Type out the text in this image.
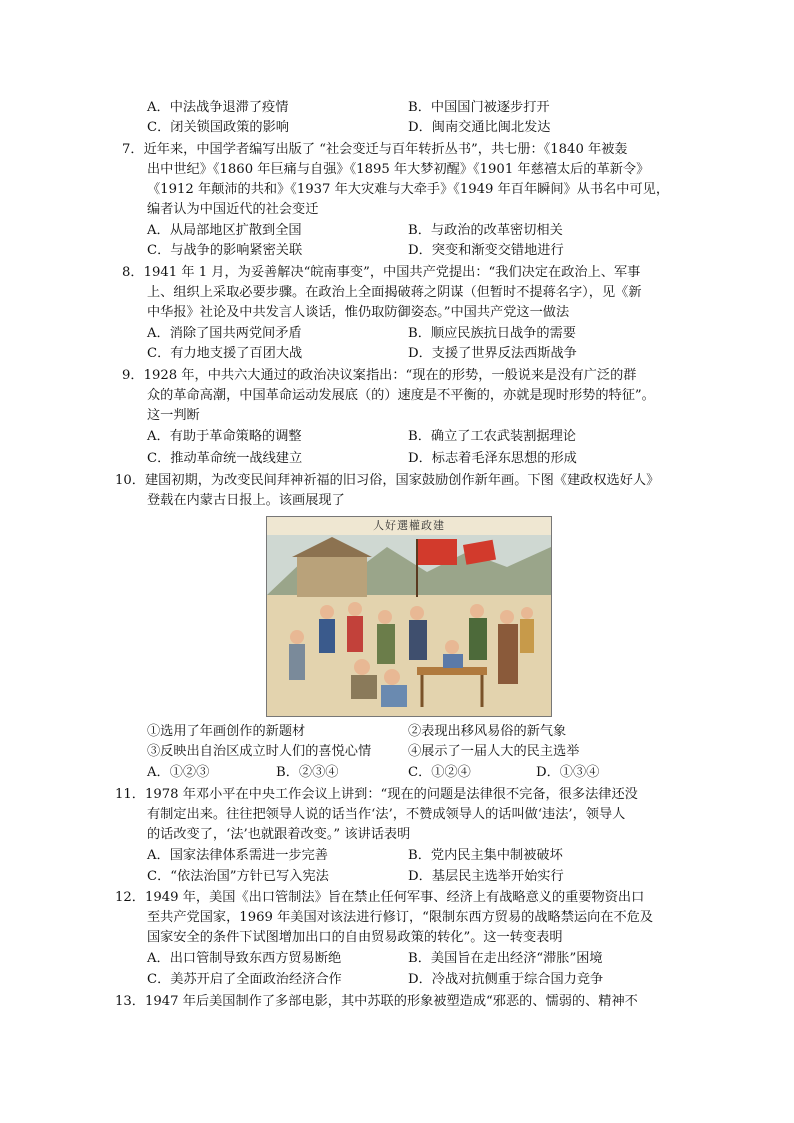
A．中法战争退滞了疫情	B．中国国门被逐步打开
C．闭关锁国政策的影响	D．闽南交通比闽北发达
7．近年来，中国学者编写出版了 “社会变迁与百年转折丛书”，共七册：《1840 年被轰
出中世纪》《1860 年巨痛与自强》《1895 年大梦初醒》《1901 年慈禧太后的革新令》
《1912 年颠沛的共和》《1937 年大灾难与大牵手》《1949 年百年瞬间》从书名中可见，
编者认为中国近代的社会变迁
A．从局部地区扩散到全国	B．与政治的改革密切相关
C．与战争的影响紧密关联	D．突变和渐变交错地进行
8．1941 年 1 月，为妥善解决“皖南事变”，中国共产党提出：“我们决定在政治上、军事
上、组织上采取必要步骤。在政治上全面揭破蒋之阴谋（但暂时不提蒋名字），见《新
中华报》社论及中共发言人谈话，惟仍取防御姿态。”中国共产党这一做法
A．消除了国共两党间矛盾	B．顺应民族抗日战争的需要
C．有力地支援了百团大战	D．支援了世界反法西斯战争
9．1928 年，中共六大通过的政治决议案指出：“现在的形势，一般说来是没有广泛的群
众的革命高潮，中国革命运动发展底（的）速度是不平衡的，亦就是现时形势的特征”。
这一判断
A．有助于革命策略的调整	B．确立了工农武装割据理论
C．推动革命统一战线建立	D．标志着毛泽东思想的形成
10．建国初期，为改变民间拜神祈福的旧习俗，国家鼓励创作新年画。下图《建政权选好人》
登载在内蒙古日报上。该画展现了
人好選權政建
①选用了年画创作的新题材	②表现出移风易俗的新气象
③反映出自治区成立时人们的喜悦心情	④展示了一届人大的民主选举
A．①②③	B．②③④	C．①②④	D．①③④
11．1978 年邓小平在中央工作会议上讲到：“现在的问题是法律很不完备，很多法律还没
有制定出来。往往把领导人说的话当作‘法’，不赞成领导人的话叫做‘违法’，领导人
的话改变了，‘法’也就跟着改变。” 该讲话表明
A．国家法律体系需进一步完善	B．党内民主集中制被破坏
C．“依法治国”方针已写入宪法	D．基层民主选举开始实行
12．1949 年，美国《出口管制法》旨在禁止任何军事、经济上有战略意义的重要物资出口
至共产党国家，1969 年美国对该法进行修订，“限制东西方贸易的战略禁运向在不危及
国家安全的条件下试图增加出口的自由贸易政策的转化”。这一转变表明
A．出口管制导致东西方贸易断绝	B．美国旨在走出经济“滞胀”困境
C．美苏开启了全面政治经济合作	D．冷战对抗侧重于综合国力竞争
13．1947 年后美国制作了多部电影，其中苏联的形象被塑造成“邪恶的、懦弱的、精神不
